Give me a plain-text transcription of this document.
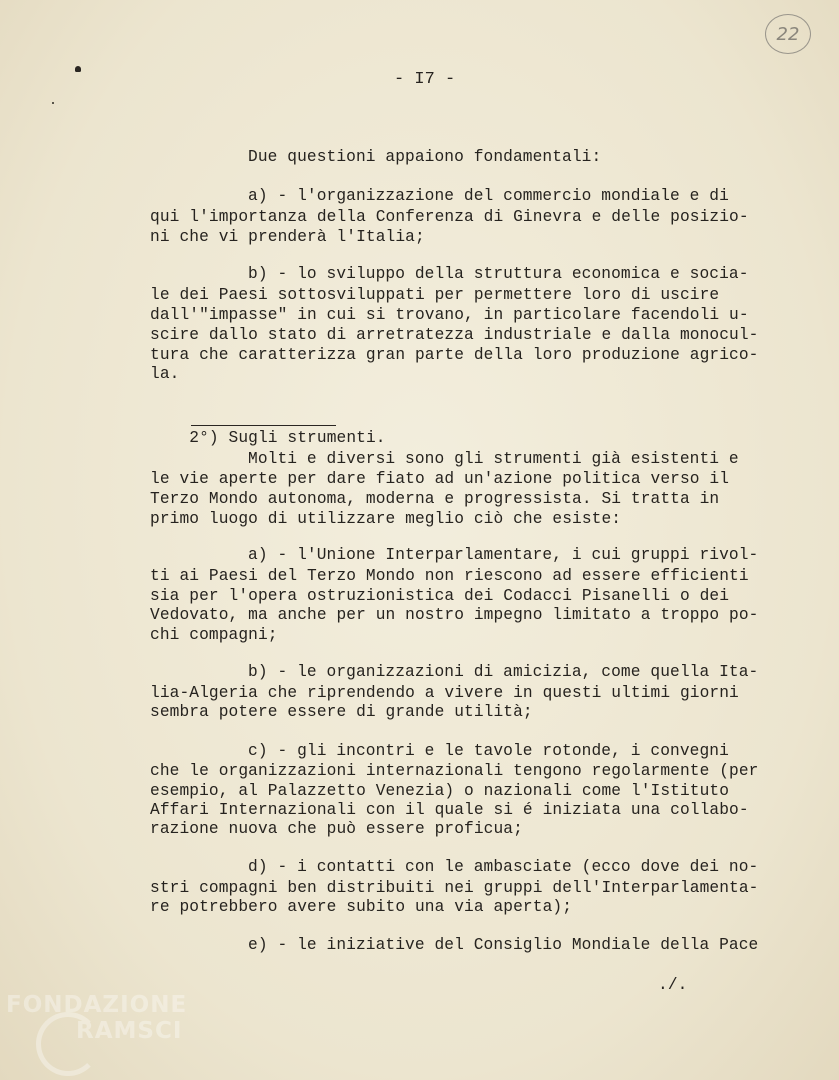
22
- I7 -
Due questioni appaiono fondamentali:
a) - l'organizzazione del commercio mondiale e di
qui l'importanza della Conferenza di Ginevra e delle posizio-
ni che vi prenderà l'Italia;
b) - lo sviluppo della struttura economica e socia-
le dei Paesi sottosviluppati per permettere loro di uscire
dall'"impasse" in cui si trovano, in particolare facendoli u-
scire dallo stato di arretratezza industriale e dalla monocul-
tura che caratterizza gran parte della loro produzione agrico-
la.

2°) Sugli strumenti.

Molti e diversi sono gli strumenti già esistenti e
le vie aperte per dare fiato ad un'azione politica verso il
Terzo Mondo autonoma, moderna e progressista. Si tratta in
primo luogo di utilizzare meglio ciò che esiste:
a) - l'Unione Interparlamentare, i cui gruppi rivol-
ti ai Paesi del Terzo Mondo non riescono ad essere efficienti
sia per l'opera ostruzionistica dei Codacci Pisanelli o dei
Vedovato, ma anche per un nostro impegno limitato a troppo po-
chi compagni;
b) - le organizzazioni di amicizia, come quella Ita-
lia-Algeria che riprendendo a vivere in questi ultimi giorni
sembra potere essere di grande utilità;
c) - gli incontri e le tavole rotonde, i convegni
che le organizzazioni internazionali tengono regolarmente (per
esempio, al Palazzetto Venezia) o nazionali come l'Istituto
Affari Internazionali con il quale si é iniziata una collabo-
razione nuova che può essere proficua;
d) - i contatti con le ambasciate (ecco dove dei no-
stri compagni ben distribuiti nei gruppi dell'Interparlamenta-
re potrebbero avere subito una via aperta);
e) - le iniziative del Consiglio Mondiale della Pace
./.
FONDAZIONE
RAMSCI
